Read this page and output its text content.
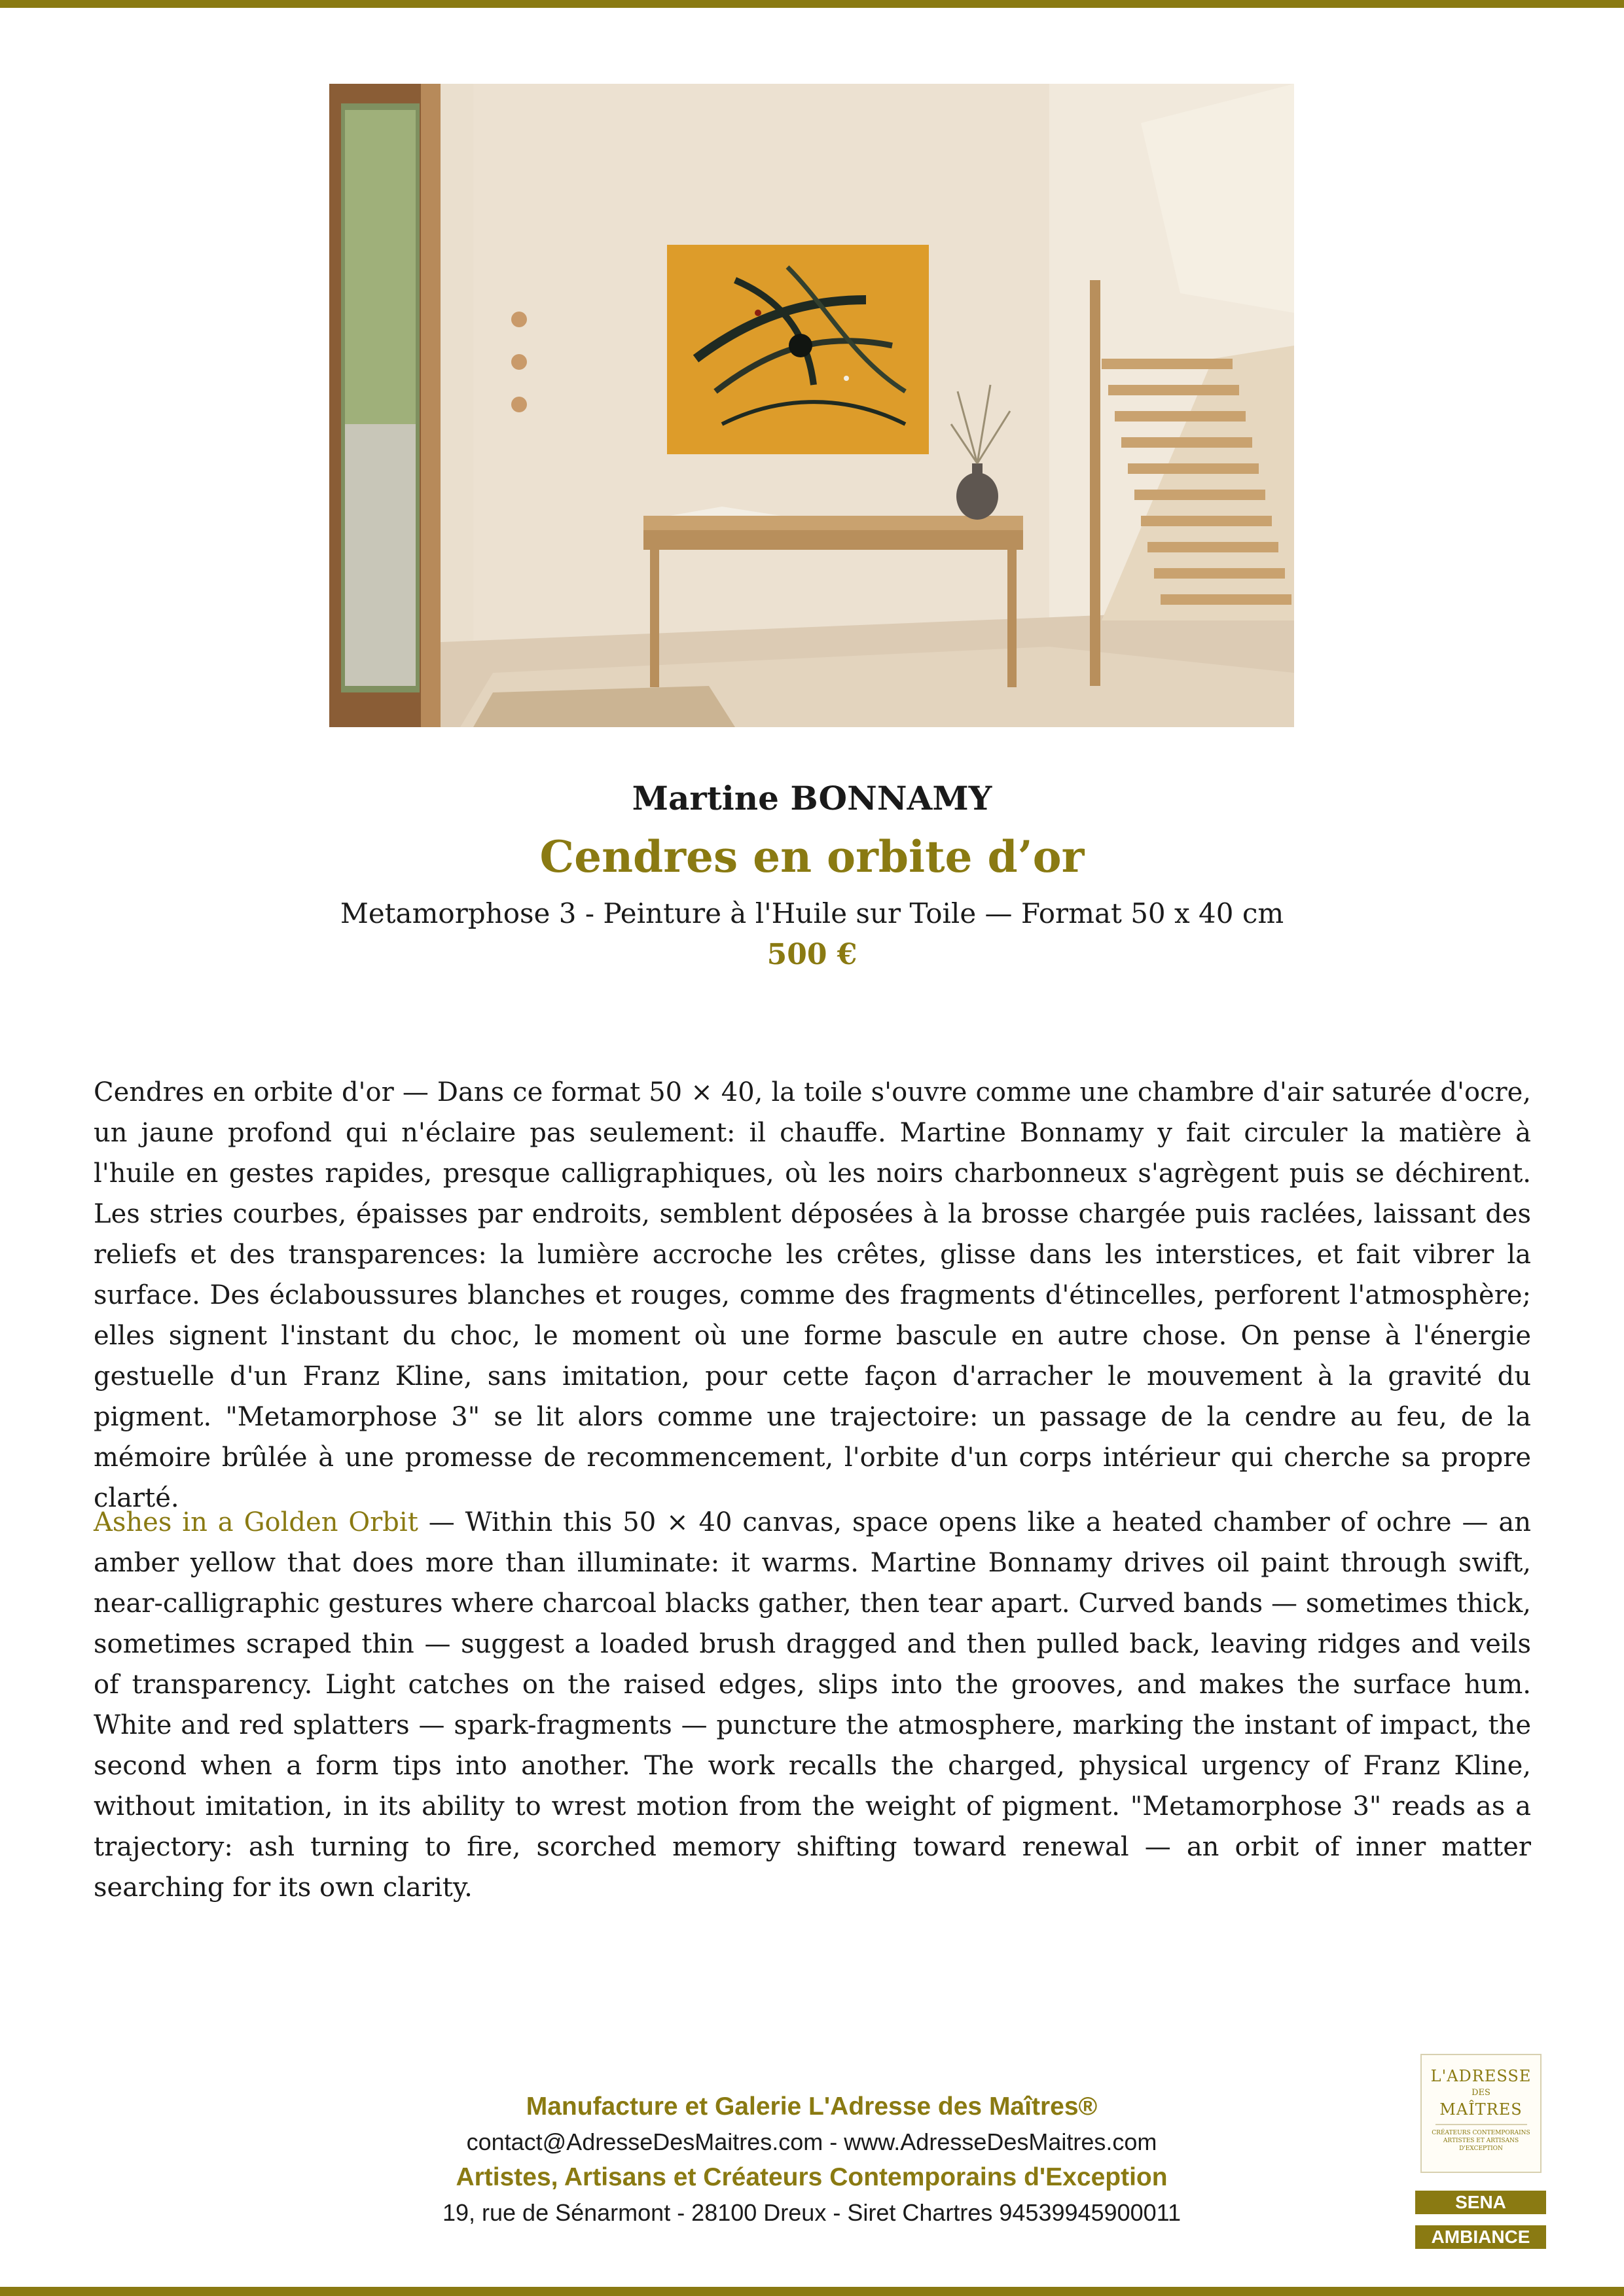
Martine BONNAMY
Cendres en orbite d’or
Metamorphose 3 - Peinture à l'Huile sur Toile — Format 50 x 40 cm
500 €

Cendres en orbite d'or — Dans ce format 50 × 40, la toile s'ouvre comme une chambre d'air saturée d'ocre, un jaune profond qui n'éclaire pas seulement: il chauffe. Martine Bonnamy y fait circuler la matière à l'huile en gestes rapides, presque calligraphiques, où les noirs charbonneux s'agrègent puis se déchirent. Les stries courbes, épaisses par endroits, semblent déposées à la brosse chargée puis raclées, laissant des reliefs et des transparences: la lumière accroche les crêtes, glisse dans les interstices, et fait vibrer la surface. Des éclaboussures blanches et rouges, comme des fragments d'étincelles, perforent l'atmosphère; elles signent l'instant du choc, le moment où une forme bascule en autre chose. On pense à l'énergie gestuelle d'un Franz Kline, sans imitation, pour cette façon d'arracher le mouvement à la gravité du pigment. "Metamorphose 3" se lit alors comme une trajectoire: un passage de la cendre au feu, de la mémoire brûlée à une promesse de recommencement, l'orbite d'un corps intérieur qui cherche sa propre clarté.

Ashes in a Golden Orbit — Within this 50 × 40 canvas, space opens like a heated chamber of ochre — an amber yellow that does more than illuminate: it warms. Martine Bonnamy drives oil paint through swift, near-calligraphic gestures where charcoal blacks gather, then tear apart. Curved bands — sometimes thick, sometimes scraped thin — suggest a loaded brush dragged and then pulled back, leaving ridges and veils of transparency. Light catches on the raised edges, slips into the grooves, and makes the surface hum. White and red splatters — spark-fragments — puncture the atmosphere, marking the instant of impact, the second when a form tips into another. The work recalls the charged, physical urgency of Franz Kline, without imitation, in its ability to wrest motion from the weight of pigment. "Metamorphose 3" reads as a trajectory: ash turning to fire, scorched memory shifting toward renewal — an orbit of inner matter searching for its own clarity.

Manufacture et Galerie L'Adresse des Maîtres®
contact@AdresseDesMaitres.com - www.AdresseDesMaitres.com
Artistes, Artisans et Créateurs Contemporains d'Exception
19, rue de Sénarmont - 28100 Dreux - Siret Chartres 94539945900011
L'ADRESSE
DES
MAÎTRES
CRÉATEURS CONTEMPORAINS ARTISTES ET ARTISANS D'EXCEPTION
SENA
AMBIANCE
